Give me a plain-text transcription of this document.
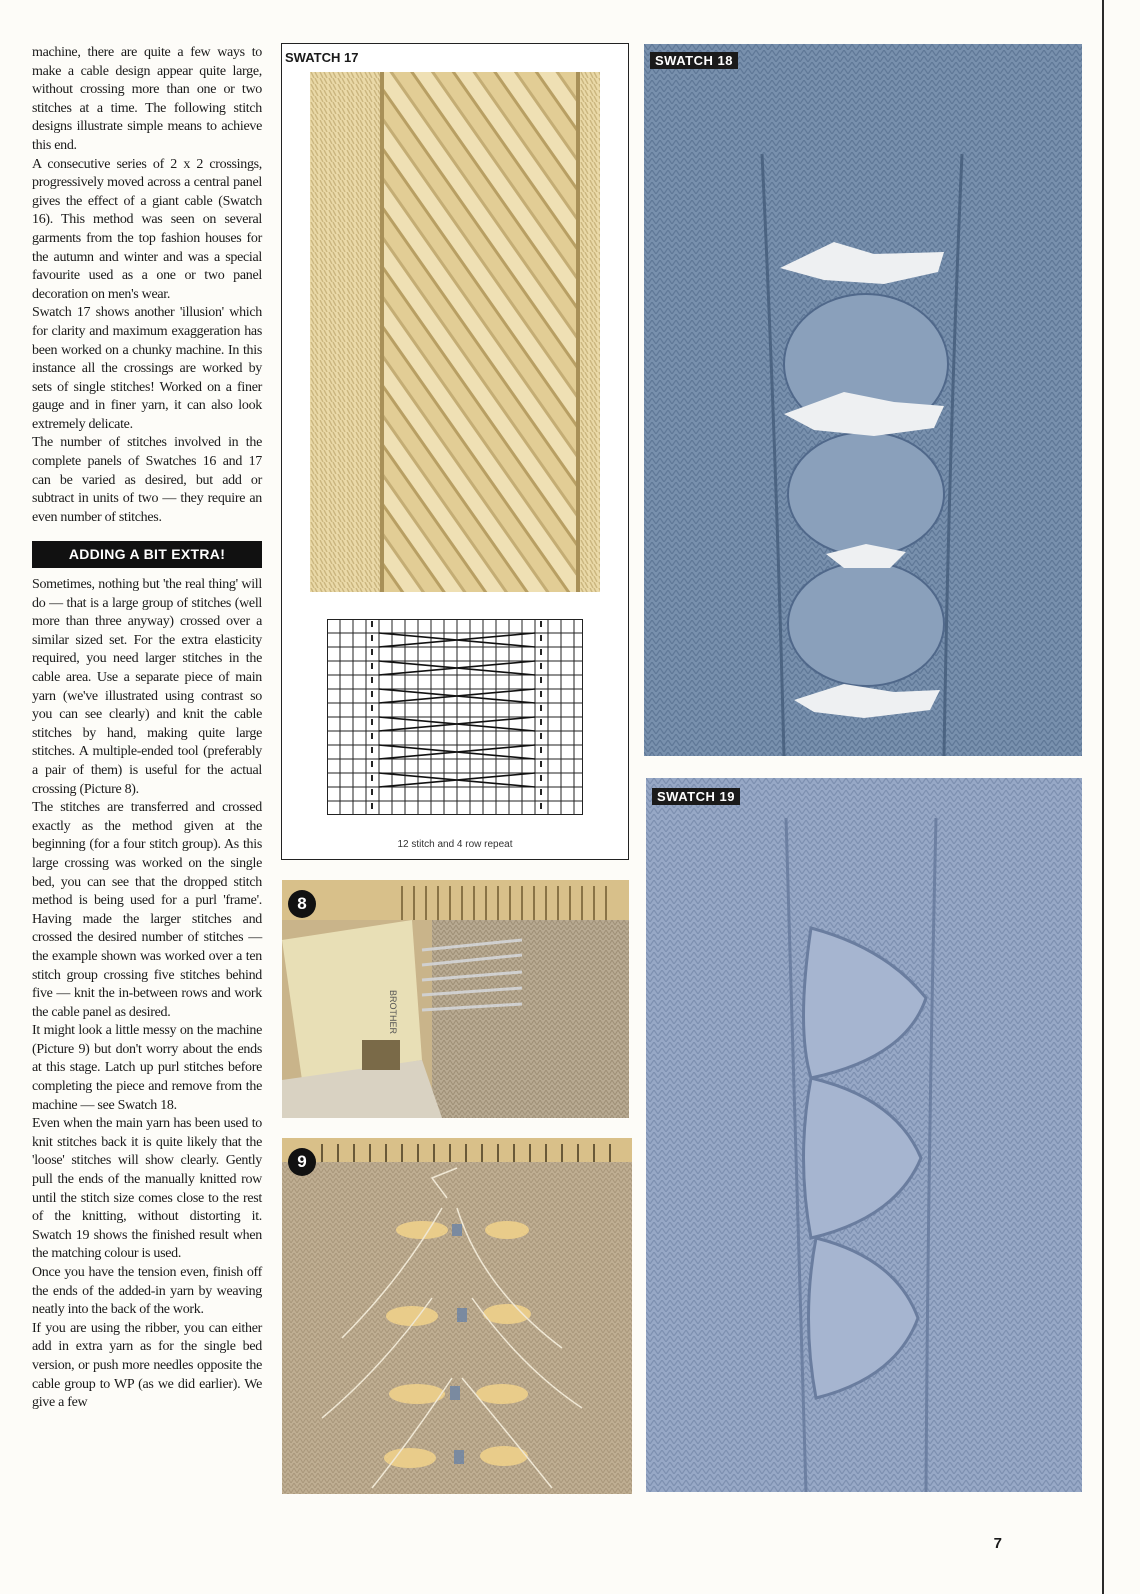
machine, there are quite a few ways to make a cable design appear quite large, without crossing more than one or two stitches at a time. The following stitch designs illustrate simple means to achieve this end.

A consecutive series of 2 x 2 crossings, progressively moved across a central panel gives the effect of a giant cable (Swatch 16). This method was seen on several garments from the top fashion houses for the autumn and winter and was a special favourite used as a one or two panel decoration on men's wear.

Swatch 17 shows another 'illusion' which for clarity and maximum exaggeration has been worked on a chunky machine. In this instance all the crossings are worked by sets of single stitches! Worked on a finer gauge and in finer yarn, it can also look extremely delicate.

The number of stitches involved in the complete panels of Swatches 16 and 17 can be varied as desired, but add or subtract in units of two — they require an even number of stitches.

ADDING A BIT EXTRA!

Sometimes, nothing but 'the real thing' will do — that is a large group of stitches (well more than three anyway) crossed over a similar sized set. For the extra elasticity required, you need larger stitches in the cable area. Use a separate piece of main yarn (we've illustrated using contrast so you can see clearly) and knit the cable stitches by hand, making quite large stitches. A multiple-ended tool (preferably a pair of them) is useful for the actual crossing (Picture 8).

The stitches are transferred and crossed exactly as the method given at the beginning (for a four stitch group). As this large crossing was worked on the single bed, you can see that the dropped stitch method is being used for a purl 'frame'. Having made the larger stitches and crossed the desired number of stitches — the example shown was worked over a ten stitch group crossing five stitches behind five — knit the in-between rows and work the cable panel as desired.

It might look a little messy on the machine (Picture 9) but don't worry about the ends at this stage. Latch up purl stitches before completing the piece and remove from the machine — see Swatch 18.

Even when the main yarn has been used to knit stitches back it is quite likely that the 'loose' stitches will show clearly. Gently pull the ends of the manually knitted row until the stitch size comes close to the rest of the knitting, without distorting it. Swatch 19 shows the finished result when the matching colour is used.

Once you have the tension even, finish off the ends of the added-in yarn by weaving neatly into the back of the work.

If you are using the ribber, you can either add in extra yarn as for the single bed version, or push more needles opposite the cable group to WP (as we did earlier). We give a few

SWATCH 17
12 stitch and 4 row repeat
BROTHER
8
9
SWATCH 18
SWATCH 19
7
